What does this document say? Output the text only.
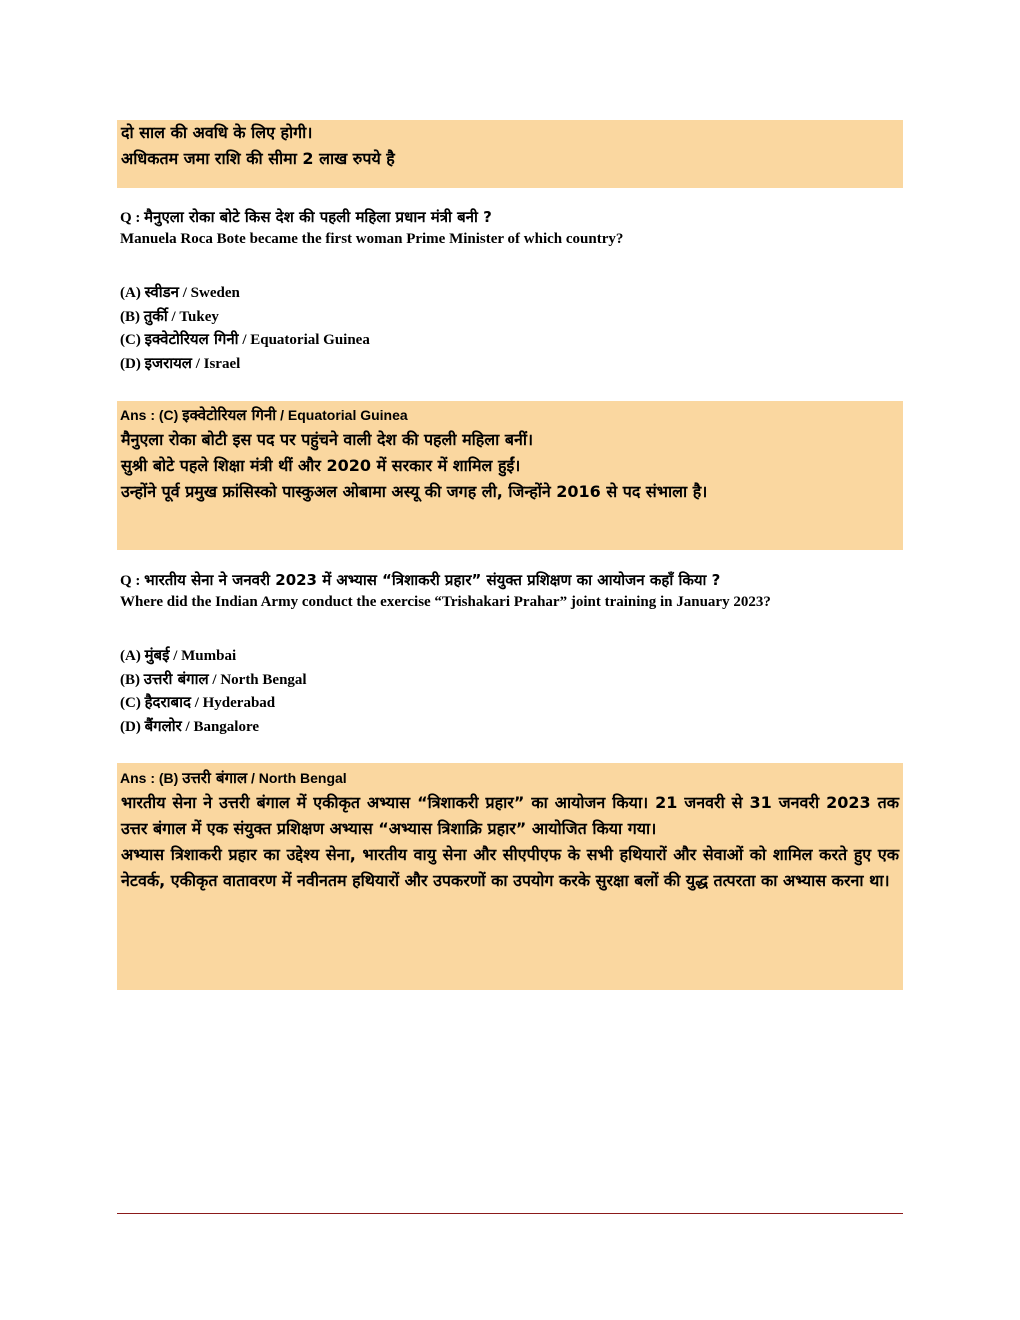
दो साल की अवधि के लिए होगी।
अधिकतम जमा राशि की सीमा 2 लाख रुपये है
Q : मैनुएला रोका बोटे किस देश की पहली महिला प्रधान मंत्री बनी ?
Manuela Roca Bote became the first woman Prime Minister of which country?
(A) स्वीडन / Sweden
(B) तुर्की / Tukey
(C) इक्वेटोरियल गिनी / Equatorial Guinea
(D) इजरायल / Israel
Ans : (C) इक्वेटोरियल गिनी / Equatorial Guinea
मैनुएला रोका बोटी इस पद पर पहुंचने वाली देश की पहली महिला बनीं।
सुश्री बोटे पहले शिक्षा मंत्री थीं और 2020 में सरकार में शामिल हुईं।
उन्होंने पूर्व प्रमुख फ्रांसिस्को पास्कुअल ओबामा अस्यू की जगह ली, जिन्होंने 2016 से पद संभाला है।
Q : भारतीय सेना ने जनवरी 2023 में अभ्यास “त्रिशाकरी प्रहार” संयुक्त प्रशिक्षण का आयोजन कहाँ किया ?
Where did the Indian Army conduct the exercise “Trishakari Prahar” joint training in January 2023?
(A) मुंबई / Mumbai
(B) उत्तरी बंगाल / North Bengal
(C) हैदराबाद / Hyderabad
(D) बैंगलोर / Bangalore
Ans : (B) उत्तरी बंगाल / North Bengal
भारतीय सेना ने उत्तरी बंगाल में एकीकृत अभ्यास “त्रिशाकरी प्रहार” का आयोजन किया। 21 जनवरी से 31 जनवरी 2023 तक उत्तर बंगाल में एक संयुक्त प्रशिक्षण अभ्यास “अभ्यास त्रिशाक्रि प्रहार” आयोजित किया गया।
अभ्यास त्रिशाकरी प्रहार का उद्देश्य सेना, भारतीय वायु सेना और सीएपीएफ के सभी हथियारों और सेवाओं को शामिल करते हुए एक नेटवर्क, एकीकृत वातावरण में नवीनतम हथियारों और उपकरणों का उपयोग करके सुरक्षा बलों की युद्ध तत्परता का अभ्यास करना था।
